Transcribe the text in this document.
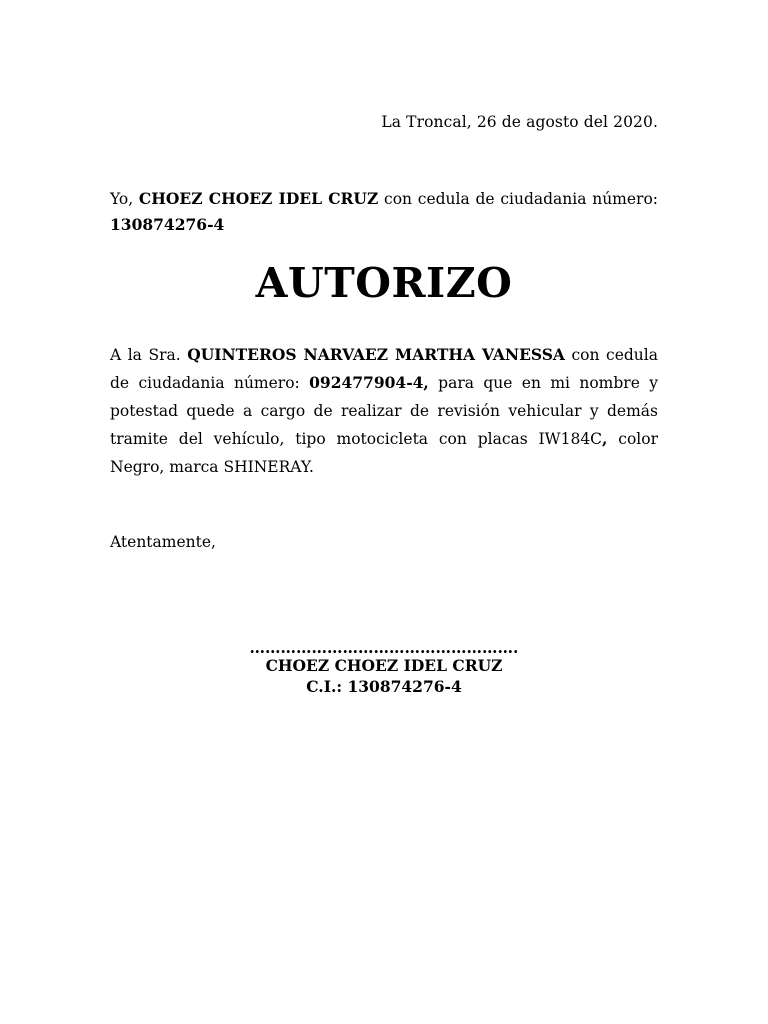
La Troncal, 26 de agosto del 2020.
Yo, CHOEZ CHOEZ IDEL CRUZ con cedula de ciudadania número: 130874276-4
AUTORIZO
A la Sra. QUINTEROS NARVAEZ MARTHA VANESSA con cedula de ciudadania número: 092477904-4, para que en mi nombre y potestad quede a cargo de realizar de revisión vehicular y demás tramite del vehículo, tipo motocicleta con placas IW184C, color Negro, marca SHINERAY.
Atentamente,
…………………………………………….
CHOEZ CHOEZ IDEL CRUZ
C.I.: 130874276-4
